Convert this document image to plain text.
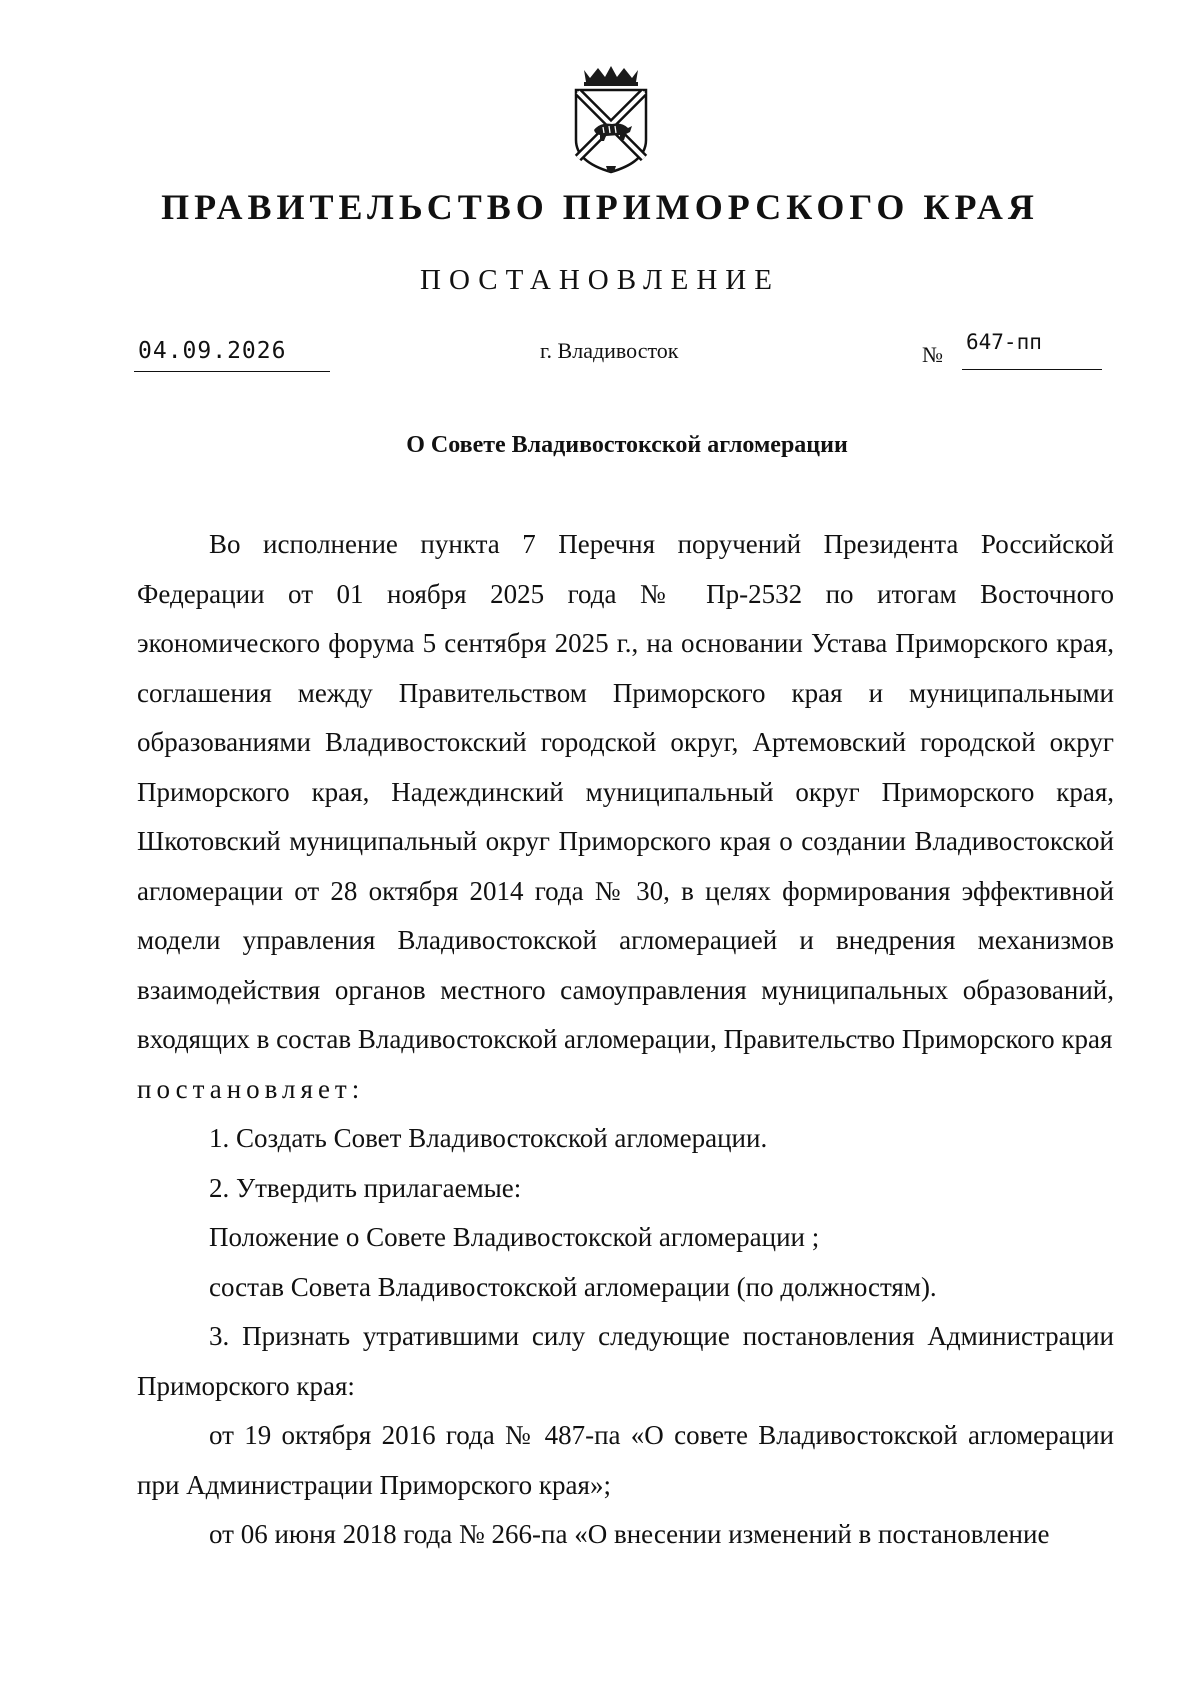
ПРАВИТЕЛЬСТВО ПРИМОРСКОГО КРАЯ
ПОСТАНОВЛЕНИЕ
04.09.2026	г. Владивосток	№ 647-пп
О Совете Владивостокской агломерации

Во исполнение пункта 7 Перечня поручений Президента Российской Федерации от 01 ноября 2025 года № Пр-2532 по итогам Восточного экономического форума 5 сентября 2025 г., на основании Устава Приморского края, соглашения между Правительством Приморского края и муниципальными образованиями Владивостокский городской округ, Артемовский городской округ Приморского края, Надеждинский муниципальный округ Приморского края, Шкотовский муниципальный округ Приморского края о создании Владивостокской агломерации от 28 октября 2014 года № 30, в целях формирования эффективной модели управления Владивостокской агломерацией и внедрения механизмов взаимодействия органов местного самоуправления муниципальных образований, входящих в состав Владивостокской агломерации, Правительство Приморского края

постановляет:

1. Создать Совет Владивостокской агломерации.

2. Утвердить прилагаемые:

Положение о Совете Владивостокской агломерации ;

состав Совета Владивостокской агломерации (по должностям).

3. Признать утратившими силу следующие постановления Администрации Приморского края:

от 19 октября 2016 года № 487-па «О совете Владивостокской агломерации при Администрации Приморского края»;

от 06 июня 2018 года № 266-па «О внесении изменений в постановление
